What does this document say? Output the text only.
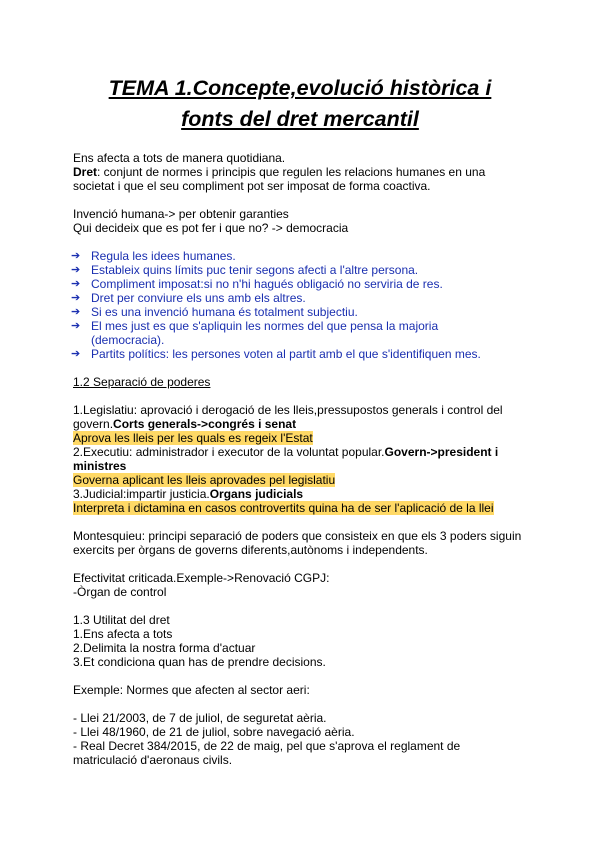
TEMA 1.Concepte,evolució històrica i
fonts del dret mercantil
Ens afecta a tots de manera quotidiana.
Dret: conjunt de normes i principis que regulen les relacions humanes en una
societat i que el seu compliment pot ser imposat de forma coactiva.
Invenció humana-> per obtenir garanties
Qui decideix que es pot fer i que no? -> democracia
➔ Regula les idees humanes.
➔ Estableix quins límits puc tenir segons afecti a l'altre persona.
➔ Compliment imposat:si no n'hi hagués obligació no serviria de res.
➔ Dret per conviure els uns amb els altres.
➔ Si es una invenció humana és totalment subjectiu.
➔ El mes just es que s'apliquin les normes del que pensa la majoria
(democracia).
➔ Partits polítics: les persones voten al partit amb el que s'identifiquen mes.
1.2 Separació de poderes
1.Legislatiu: aprovació i derogació de les lleis,pressupostos generals i control del
govern.Corts generals->congrés i senat
Aprova les lleis per les quals es regeix l'Estat
2.Executiu: administrador i executor de la voluntat popular.Govern->president i
ministres
Governa aplicant les lleis aprovades pel legislatiu
3.Judicial:impartir justicia.Organs judicials
Interpreta i dictamina en casos controvertits quina ha de ser l'aplicació de la llei
Montesquieu: principi separació de poders que consisteix en que els 3 poders siguin
exercits per òrgans de governs diferents,autònoms i independents.
Efectivitat criticada.Exemple->Renovació CGPJ:
-Òrgan de control
1.3 Utilitat del dret
1.Ens afecta a tots
2.Delimita la nostra forma d'actuar
3.Et condiciona quan has de prendre decisions.
Exemple: Normes que afecten al sector aeri:
- Llei 21/2003, de 7 de juliol, de seguretat aèria.
- Llei 48/1960, de 21 de juliol, sobre navegació aèria.
- Real Decret 384/2015, de 22 de maig, pel que s'aprova el reglament de
matriculació d'aeronaus civils.
